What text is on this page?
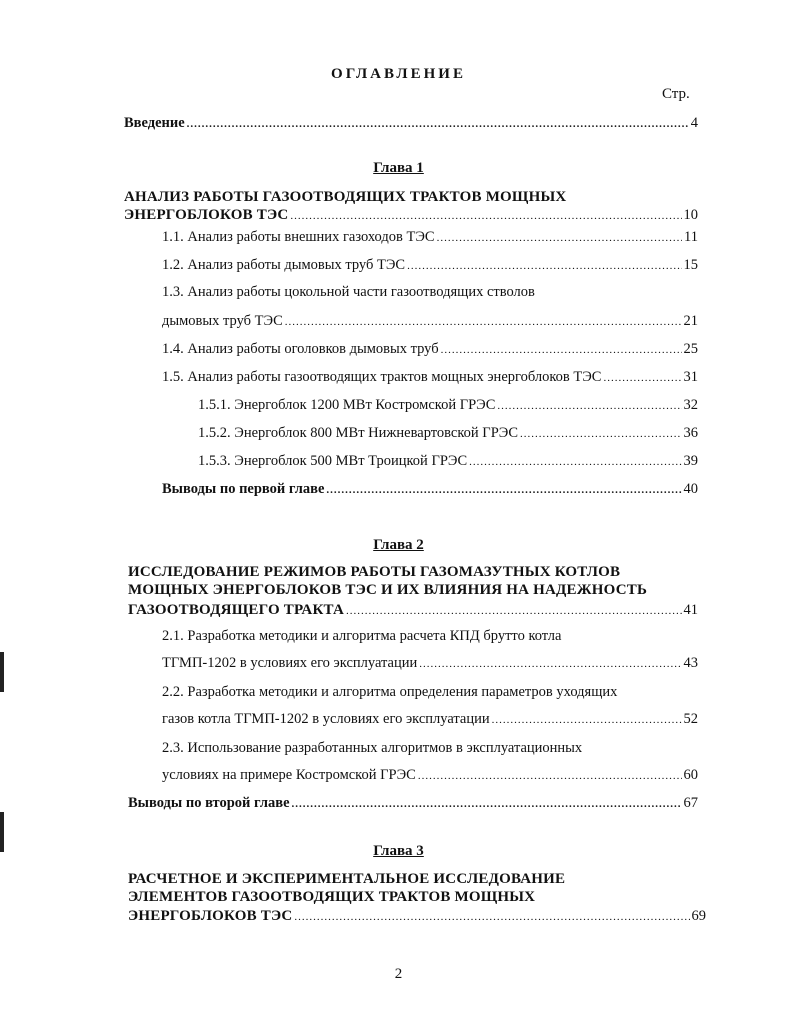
ОГЛАВЛЕНИЕ
Стр.
Введение .....	4
Глава 1
АНАЛИЗ РАБОТЫ ГАЗООТВОДЯЩИХ ТРАКТОВ МОЩНЫХ
ЭНЕРГОБЛОКОВ ТЭС .....	10
1.1. Анализ работы внешних газоходов ТЭС .....	11
1.2. Анализ работы дымовых труб ТЭС .....	15
1.3. Анализ работы цокольной части газоотводящих стволов
дымовых труб ТЭС .....	21
1.4. Анализ работы оголовков дымовых труб .....	25
1.5. Анализ работы газоотводящих трактов мощных энергоблоков ТЭС .....	31
1.5.1. Энергоблок 1200 МВт Костромской ГРЭС .....	32
1.5.2. Энергоблок 800 МВт Нижневартовской ГРЭС .....	36
1.5.3. Энергоблок 500 МВт Троицкой ГРЭС .....	39
Выводы по первой главе .....	40
Глава 2
ИССЛЕДОВАНИЕ РЕЖИМОВ РАБОТЫ ГАЗОМАЗУТНЫХ КОТЛОВ
МОЩНЫХ ЭНЕРГОБЛОКОВ ТЭС И ИХ ВЛИЯНИЯ НА НАДЕЖНОСТЬ
ГАЗООТВОДЯЩЕГО ТРАКТА .....	41
2.1. Разработка методики и алгоритма расчета КПД брутто котла
ТГМП-1202 в условиях его эксплуатации .....	43
2.2. Разработка методики и алгоритма определения параметров уходящих
газов котла ТГМП-1202 в условиях его эксплуатации .....	52
2.3. Использование разработанных алгоритмов в эксплуатационных
условиях на примере Костромской ГРЭС .....	60
Выводы по второй главе .....	67
Глава 3
РАСЧЕТНОЕ И ЭКСПЕРИМЕНТАЛЬНОЕ ИССЛЕДОВАНИЕ
ЭЛЕМЕНТОВ ГАЗООТВОДЯЩИХ ТРАКТОВ МОЩНЫХ
ЭНЕРГОБЛОКОВ ТЭС .....	69
2
